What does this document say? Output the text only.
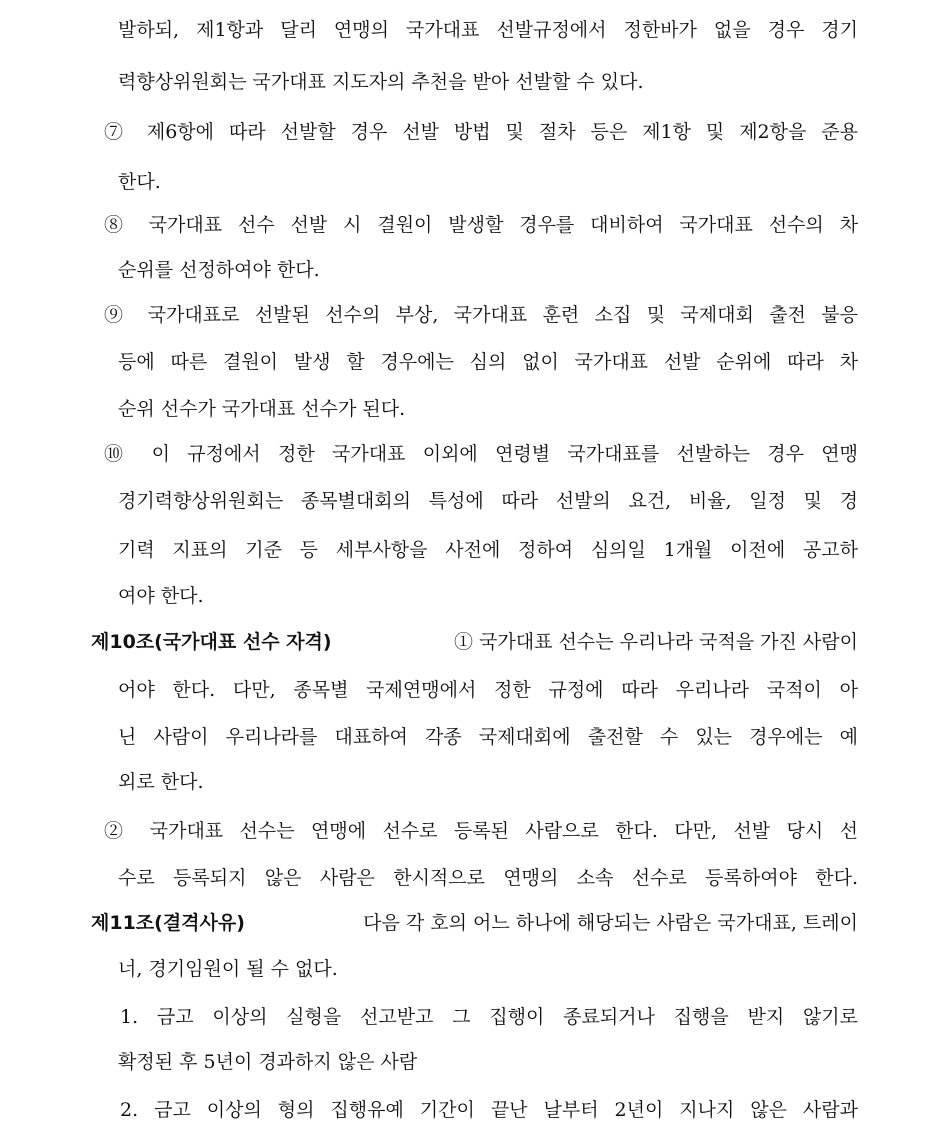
발하되, 제1항과 달리 연맹의 국가대표 선발규정에서 정한바가 없을 경우 경기
력향상위원회는 국가대표 지도자의 추천을 받아 선발할 수 있다.
⑦ 제6항에 따라 선발할 경우 선발 방법 및 절차 등은 제1항 및 제2항을 준용
한다.
⑧ 국가대표 선수 선발 시 결원이 발생할 경우를 대비하여 국가대표 선수의 차
순위를 선정하여야 한다.
⑨ 국가대표로 선발된 선수의 부상, 국가대표 훈련 소집 및 국제대회 출전 불응
등에 따른 결원이 발생 할 경우에는 심의 없이 국가대표 선발 순위에 따라 차
순위 선수가 국가대표 선수가 된다.
⑩ 이 규정에서 정한 국가대표 이외에 연령별 국가대표를 선발하는 경우 연맹
경기력향상위원회는 종목별대회의 특성에 따라 선발의 요건, 비율, 일정 및 경
기력 지표의 기준 등 세부사항을 사전에 정하여 심의일 1개월 이전에 공고하
여야 한다.
제10조(국가대표 선수 자격)	① 국가대표 선수는 우리나라 국적을 가진 사람이
어야 한다. 다만, 종목별 국제연맹에서 정한 규정에 따라 우리나라 국적이 아
닌 사람이 우리나라를 대표하여 각종 국제대회에 출전할 수 있는 경우에는 예
외로 한다.
② 국가대표 선수는 연맹에 선수로 등록된 사람으로 한다. 다만, 선발 당시 선
수로 등록되지 않은 사람은 한시적으로 연맹의 소속 선수로 등록하여야 한다.
제11조(결격사유)	다음 각 호의 어느 하나에 해당되는 사람은 국가대표, 트레이
너, 경기임원이 될 수 없다.
1. 금고 이상의 실형을 선고받고 그 집행이 종료되거나 집행을 받지 않기로
확정된 후 5년이 경과하지 않은 사람
2. 금고 이상의 형의 집행유예 기간이 끝난 날부터 2년이 지나지 않은 사람과
